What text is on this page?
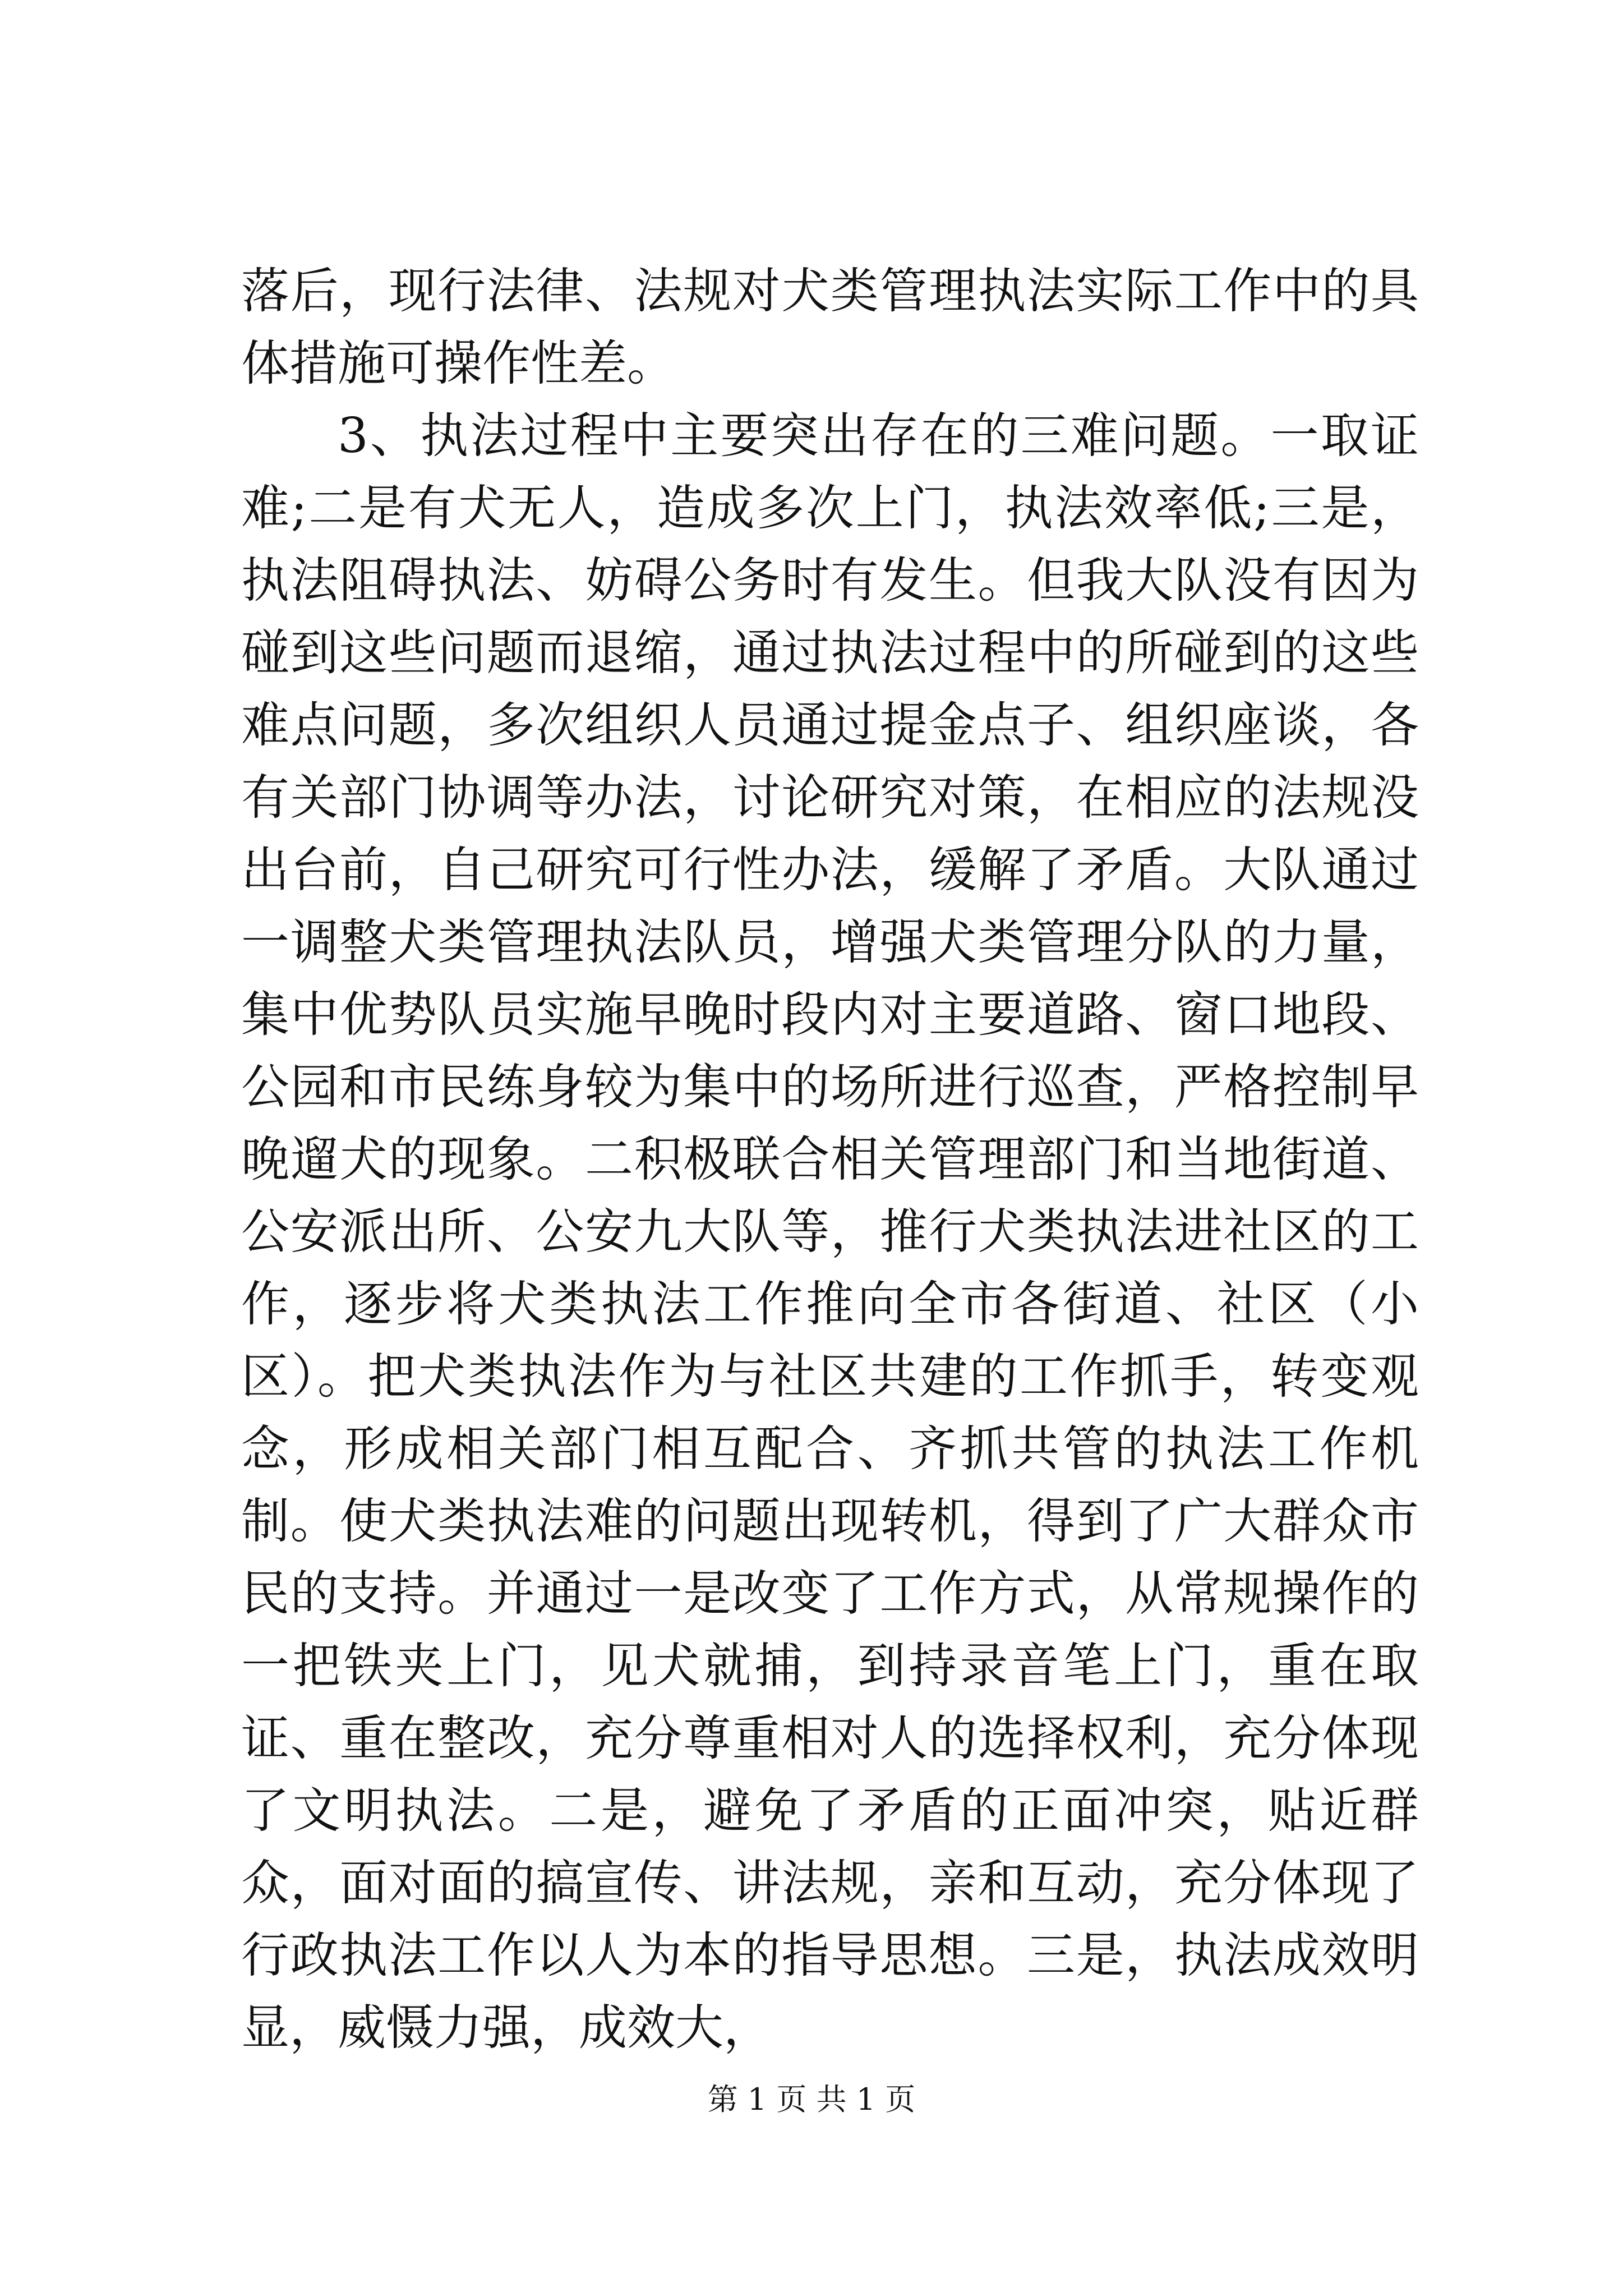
落后，现行法律、法规对犬类管理执法实际工作中的具体措施可操作性差。

3、执法过程中主要突出存在的三难问题。一取证难;二是有犬无人，造成多次上门，执法效率低;三是，执法阻碍执法、妨碍公务时有发生。但我大队没有因为碰到这些问题而退缩，通过执法过程中的所碰到的这些难点问题，多次组织人员通过提金点子、组织座谈，各有关部门协调等办法，讨论研究对策，在相应的法规没出台前，自己研究可行性办法，缓解了矛盾。大队通过一调整犬类管理执法队员，增强犬类管理分队的力量，集中优势队员实施早晚时段内对主要道路、窗口地段、公园和市民练身较为集中的场所进行巡查，严格控制早晚遛犬的现象。二积极联合相关管理部门和当地街道、公安派出所、公安九大队等，推行犬类执法进社区的工作，逐步将犬类执法工作推向全市各街道、社区（小区）。把犬类执法作为与社区共建的工作抓手，转变观念，形成相关部门相互配合、齐抓共管的执法工作机制。使犬类执法难的问题出现转机，得到了广大群众市民的支持。并通过一是改变了工作方式，从常规操作的一把铁夹上门，见犬就捕，到持录音笔上门，重在取证、重在整改，充分尊重相对人的选择权利，充分体现了文明执法。二是，避免了矛盾的正面冲突，贴近群众，面对面的搞宣传、讲法规，亲和互动，充分体现了行政执法工作以人为本的指导思想。三是，执法成效明显，威慑力强，成效大，

第 1 页 共 1 页
